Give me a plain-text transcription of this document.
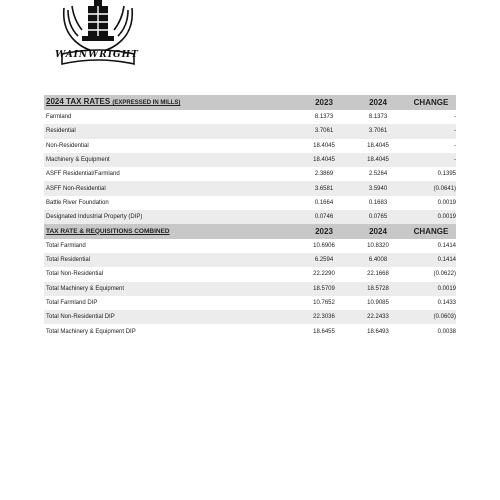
WAINWRIGHT
2024 TAX RATES (EXPRESSED IN MILLS)	2023	2024	CHANGE
Farmland	8.1373	8.1373	-
Residential	3.7061	3.7061	-
Non-Residential	18.4045	18.4045	-
Machinery & Equipment	18.4045	18.4045	-
ASFF Residential/Farmland	2.3869	2.5264	0.1395
ASFF Non-Residential	3.6581	3.5940	(0.0641)
Battle River Foundation	0.1664	0.1683	0.0019
Designated Industrial Property (DIP)	0.0746	0.0765	0.0019
TAX RATE & REQUISITIONS COMBINED	2023	2024	CHANGE
Total Farmland	10.6906	10.8320	0.1414
Total Residential	6.2594	6.4008	0.1414
Total Non-Residential	22.2290	22.1668	(0.0622)
Total Machinery & Equipment	18.5709	18.5728	0.0019
Total Farmland DIP	10.7652	10.9085	0.1433
Total Non-Residential DIP	22.3036	22.2433	(0.0603)
Total Machinery & Equipment DIP	18.6455	18.6493	0.0038
